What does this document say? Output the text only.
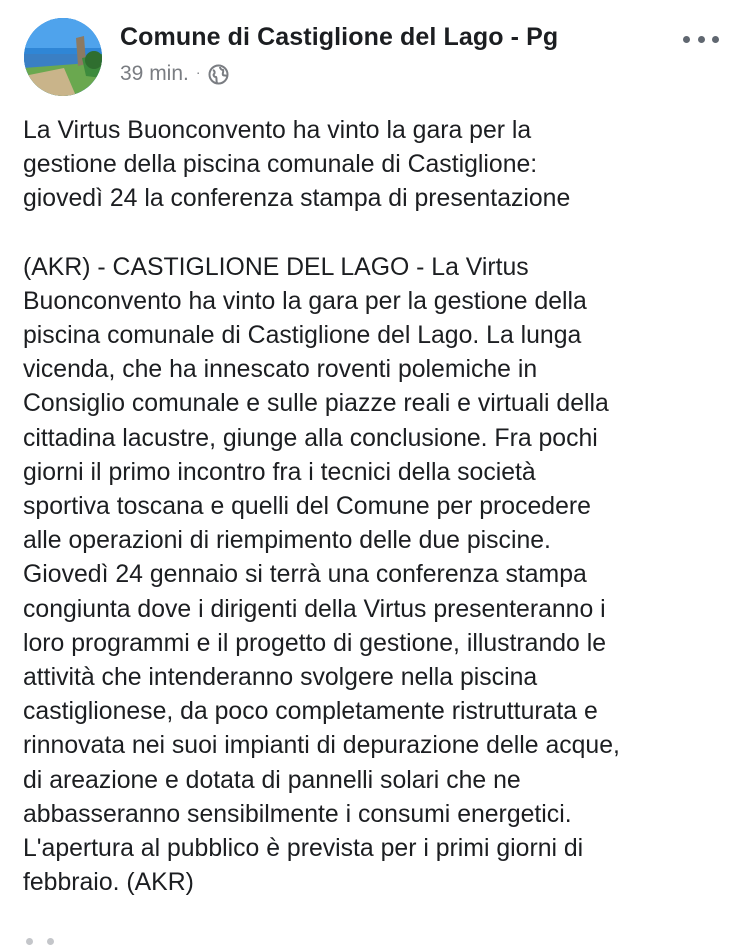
Comune di Castiglione del Lago - Pg
39 min. ·

La Virtus Buonconvento ha vinto la gara per la
gestione della piscina comunale di Castiglione:
giovedì 24 la conferenza stampa di presentazione

(AKR) - CASTIGLIONE DEL LAGO - La Virtus
Buonconvento ha vinto la gara per la gestione della
piscina comunale di Castiglione del Lago. La lunga
vicenda, che ha innescato roventi polemiche in
Consiglio comunale e sulle piazze reali e virtuali della
cittadina lacustre, giunge alla conclusione. Fra pochi
giorni il primo incontro fra i tecnici della società
sportiva toscana e quelli del Comune per procedere
alle operazioni di riempimento delle due piscine.
Giovedì 24 gennaio si terrà una conferenza stampa
congiunta dove i dirigenti della Virtus presenteranno i
loro programmi e il progetto di gestione, illustrando le
attività che intenderanno svolgere nella piscina
castiglionese, da poco completamente ristrutturata e
rinnovata nei suoi impianti di depurazione delle acque,
di areazione e dotata di pannelli solari che ne
abbasseranno sensibilmente i consumi energetici.
L'apertura al pubblico è prevista per i primi giorni di
febbraio. (AKR)
